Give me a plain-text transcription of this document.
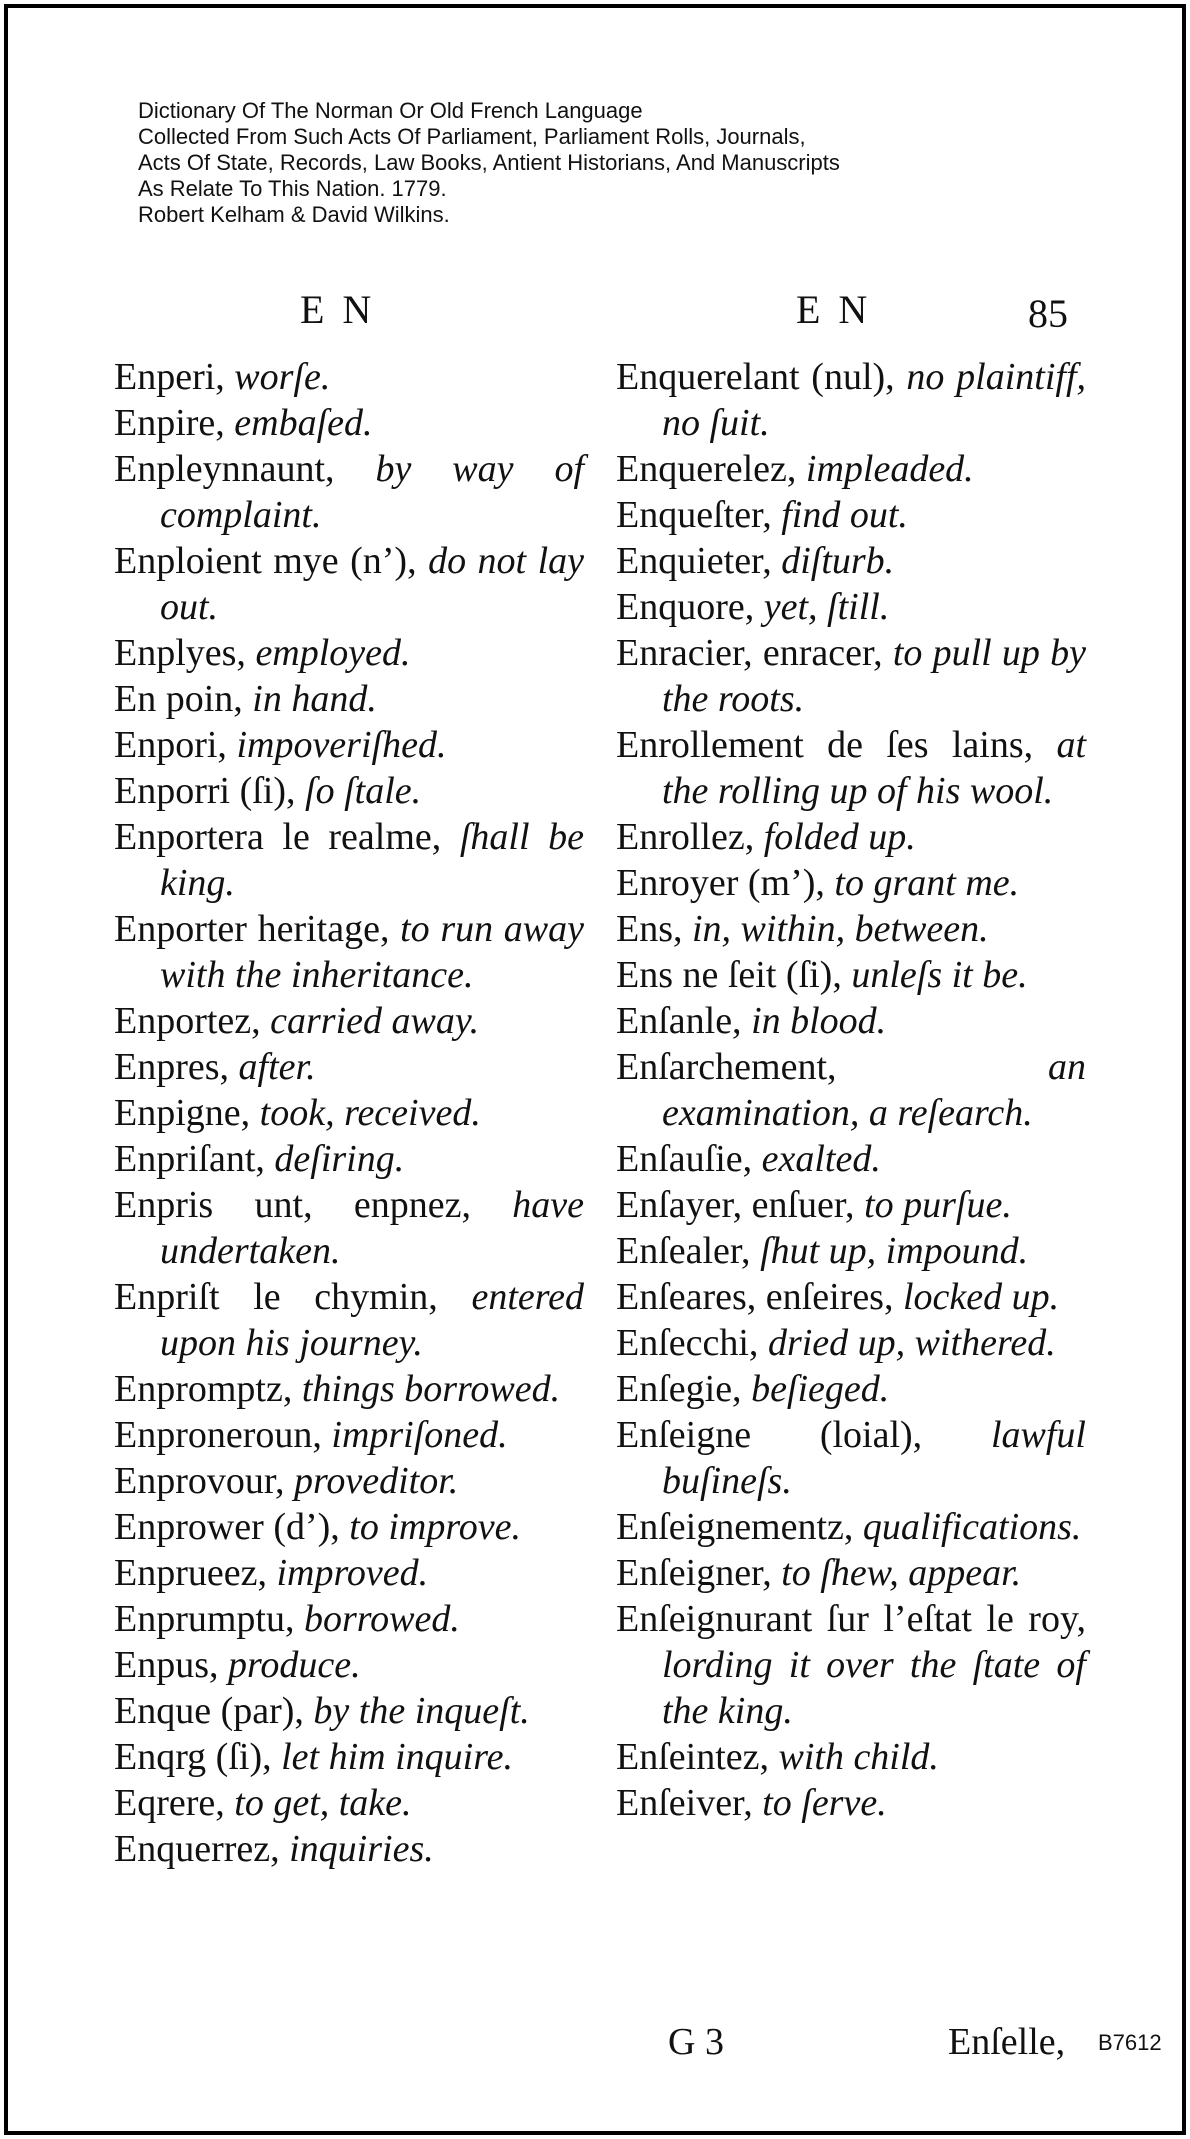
Dictionary Of The Norman Or Old French Language
Collected From Such Acts Of Parliament, Parliament Rolls, Journals,
Acts Of State, Records, Law Books, Antient Historians, And Manuscripts
As Relate To This Nation. 1779.
Robert Kelham & David Wilkins.
E N	E N	85
Enperi, worſe.
Enpire, embaſed.
Enpleynnaunt, by way of complaint.
Enploient mye (n’), do not lay out.
Enplyes, employed.
En poin, in hand.
Enpori, impoveriſhed.
Enporri (ſi), ſo ſtale.
Enportera le realme, ſhall be king.
Enporter heritage, to run away with the inheritance.
Enportez, carried away.
Enpres, after.
Enpigne, took, received.
Enpriſant, deſiring.
Enpris unt, enpnez, have undertaken.
Enpriſt le chymin, entered upon his journey.
Enpromptz, things borrowed.
Enproneroun, impriſoned.
Enprovour, proveditor.
Enprower (d’), to improve.
Enprueez, improved.
Enprumptu, borrowed.
Enpus, produce.
Enque (par), by the inqueſt.
Enqrg (ſi), let him inquire.
Eqrere, to get, take.
Enquerrez, inquiries.
Enquerelant (nul), no plaintiff, no ſuit.
Enquerelez, impleaded.
Enqueſter, find out.
Enquieter, diſturb.
Enquore, yet, ſtill.
Enracier, enracer, to pull up by the roots.
Enrollement de ſes lains, at the rolling up of his wool.
Enrollez, folded up.
Enroyer (m’), to grant me.
Ens, in, within, between.
Ens ne ſeit (ſi), unleſs it be.
Enſanle, in blood.
Enſarchement,	an examination, a reſearch.
Enſauſie, exalted.
Enſayer, enſuer, to purſue.
Enſealer, ſhut up, impound.
Enſeares, enſeires, locked up.
Enſecchi, dried up, withered.
Enſegie, beſieged.
Enſeigne (loial), lawful buſineſs.
Enſeignementz, qualifications.
Enſeigner, to ſhew, appear.
Enſeignurant ſur l’eſtat le roy, lording it over the ſtate of the king.
Enſeintez, with child.
Enſeiver, to ſerve.
G 3	Enſelle, B7612
